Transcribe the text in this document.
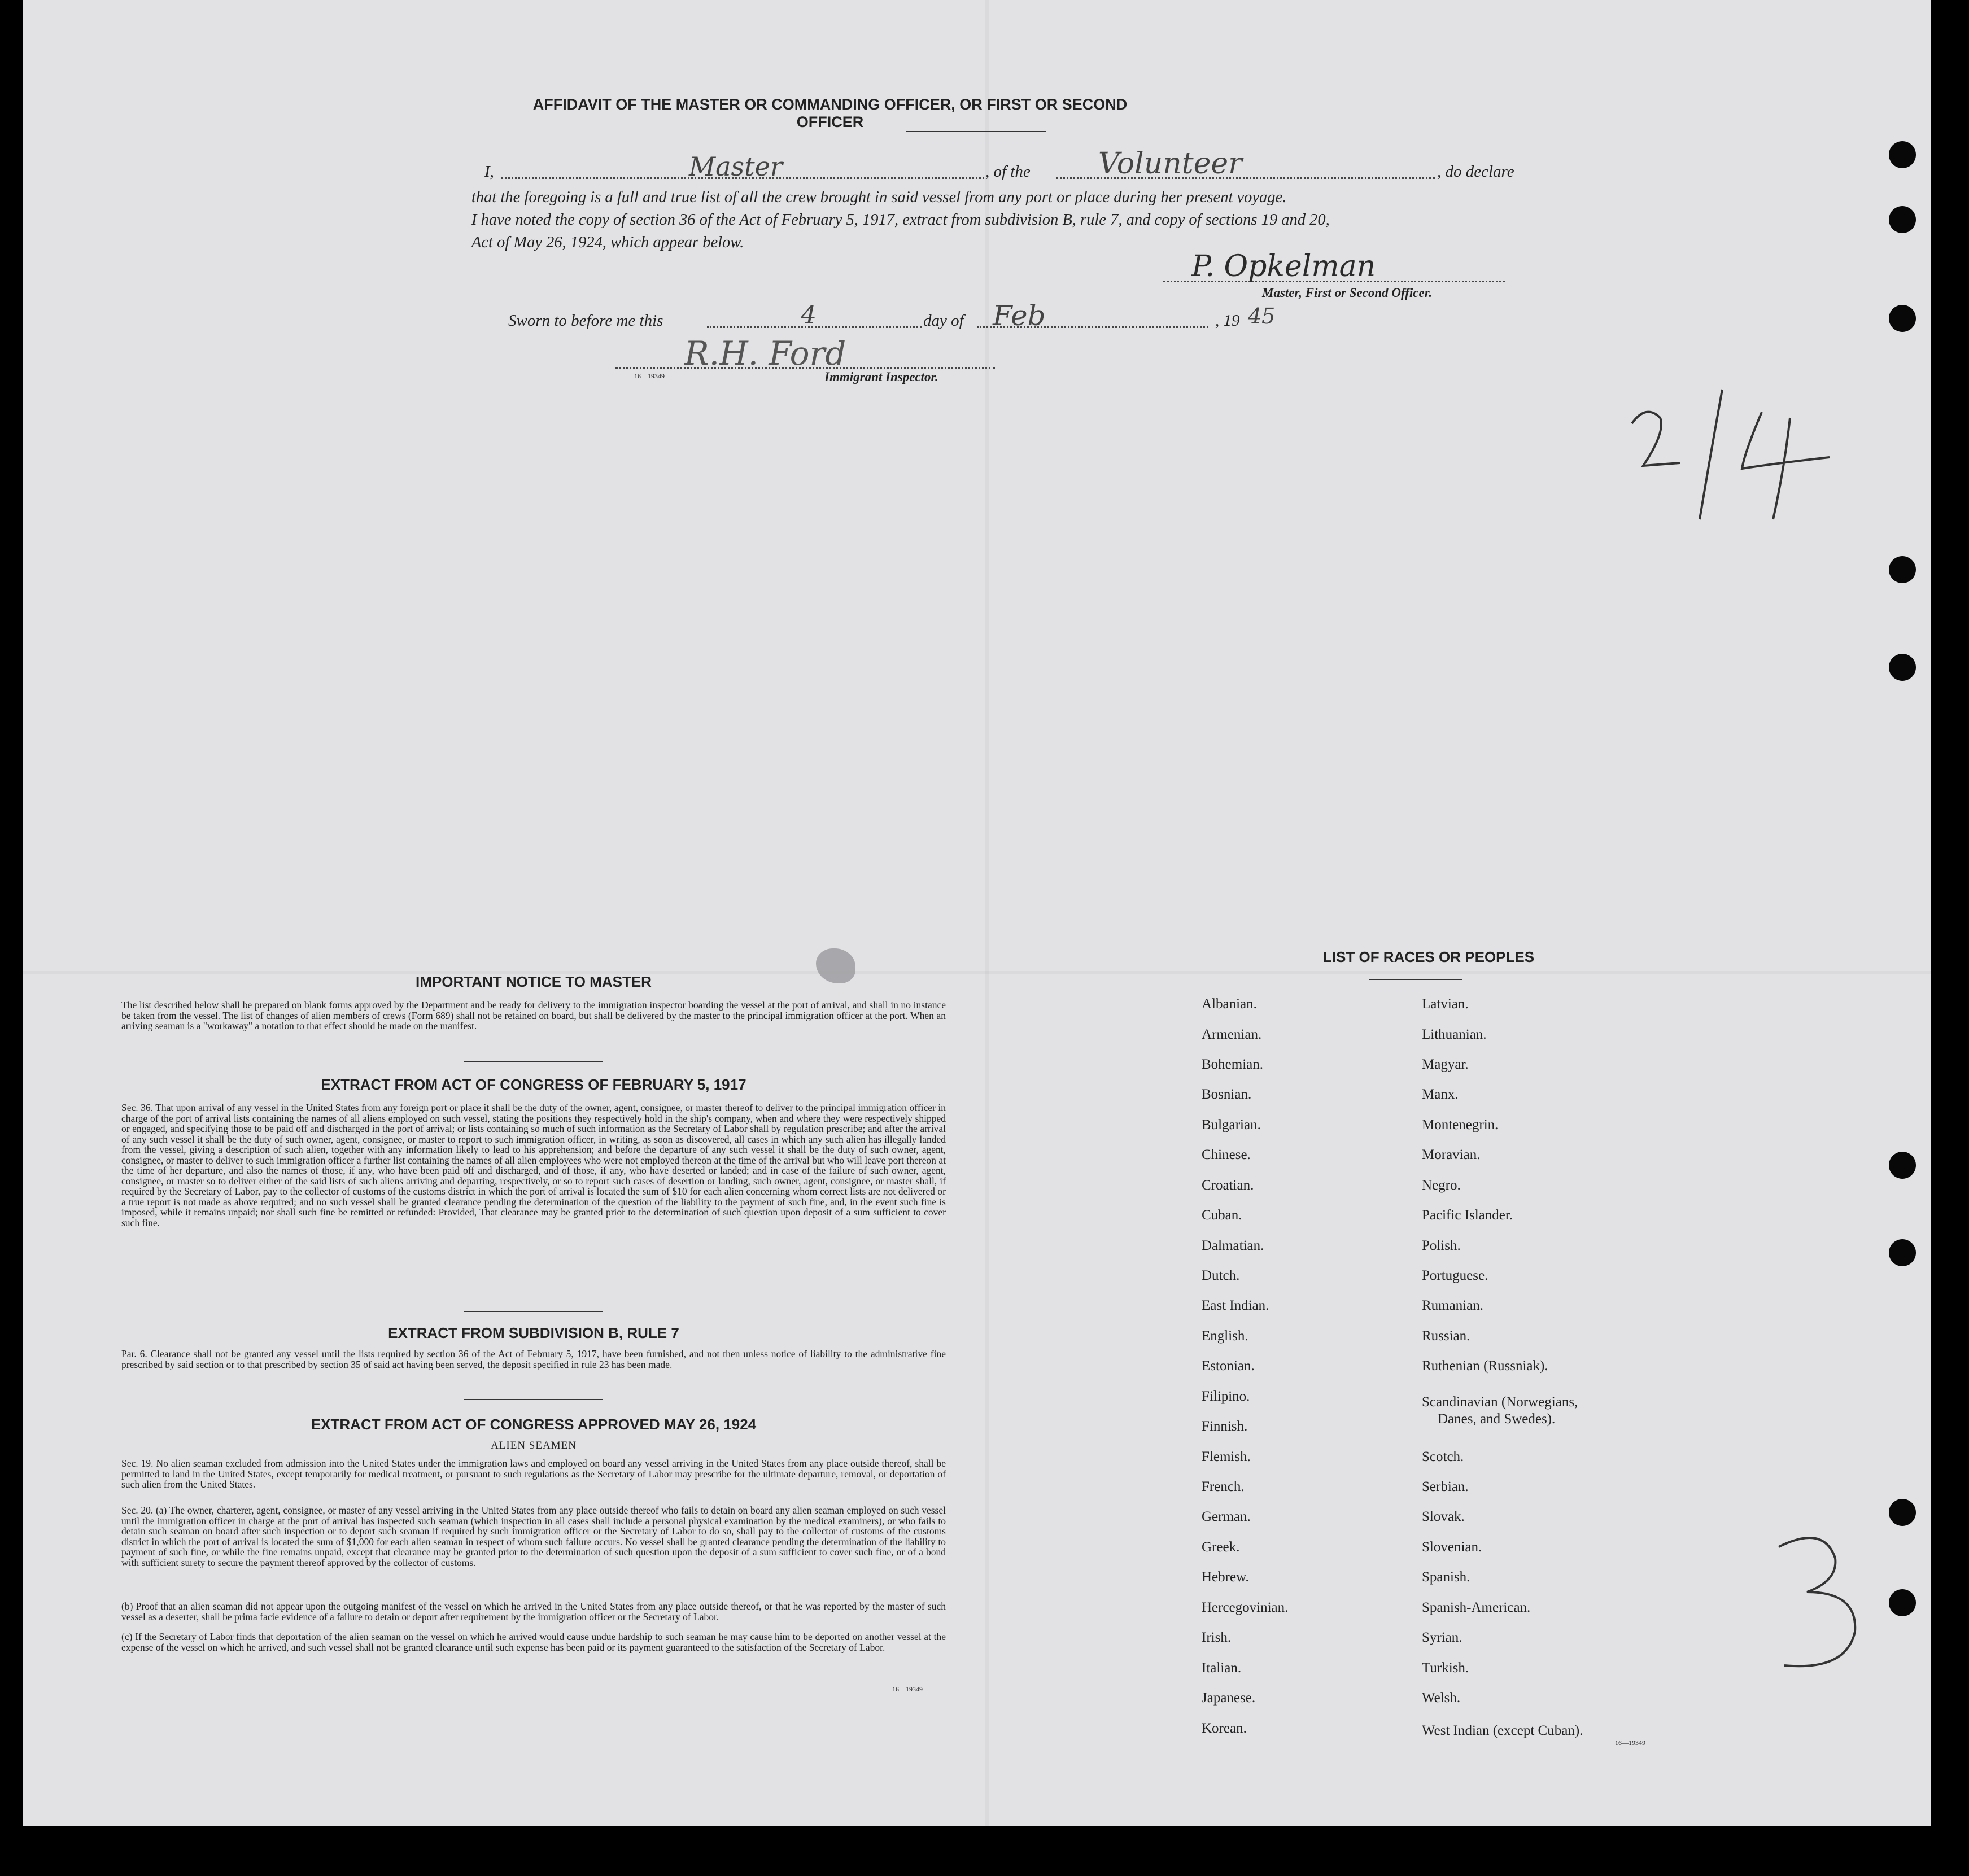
AFFIDAVIT OF THE MASTER OR COMMANDING OFFICER, OR FIRST OR SECOND OFFICER
I,	Master	, of the Volunteer	, do declare
that the foregoing is a full and true list of all the crew brought in said vessel from any port or place during her present voyage.
I have noted the copy of section 36 of the Act of February 5, 1917, extract from subdivision B, rule 7, and copy of sections 19 and 20,
Act of May 26, 1924, which appear below.
P. Opkelman
Master, First or Second Officer.
Sworn to before me this	4	day of Feb	, 19 45
R.H. Ford
16—19349	Immigrant Inspector.
IMPORTANT NOTICE TO MASTER
The list described below shall be prepared on blank forms approved by the Department and be ready for delivery to the immigration inspector boarding the vessel at the port of arrival, and shall in no instance be taken from the vessel. The list of changes of alien members of crews (Form 689) shall not be retained on board, but shall be delivered by the master to the principal immigration officer at the port. When an arriving seaman is a "workaway" a notation to that effect should be made on the manifest.
EXTRACT FROM ACT OF CONGRESS OF FEBRUARY 5, 1917
Sec. 36. That upon arrival of any vessel in the United States from any foreign port or place it shall be the duty of the owner, agent, consignee, or master thereof to deliver to the principal immigration officer in charge of the port of arrival lists containing the names of all aliens employed on such vessel, stating the positions they respectively hold in the ship's company, when and where they were respectively shipped or engaged, and specifying those to be paid off and discharged in the port of arrival; or lists containing so much of such information as the Secretary of Labor shall by regulation prescribe; and after the arrival of any such vessel it shall be the duty of such owner, agent, consignee, or master to report to such immigration officer, in writing, as soon as discovered, all cases in which any such alien has illegally landed from the vessel, giving a description of such alien, together with any information likely to lead to his apprehension; and before the departure of any such vessel it shall be the duty of such owner, agent, consignee, or master to deliver to such immigration officer a further list containing the names of all alien employees who were not employed thereon at the time of the arrival but who will leave port thereon at the time of her departure, and also the names of those, if any, who have been paid off and discharged, and of those, if any, who have deserted or landed; and in case of the failure of such owner, agent, consignee, or master so to deliver either of the said lists of such aliens arriving and departing, respectively, or so to report such cases of desertion or landing, such owner, agent, consignee, or master shall, if required by the Secretary of Labor, pay to the collector of customs of the customs district in which the port of arrival is located the sum of $10 for each alien concerning whom correct lists are not delivered or a true report is not made as above required; and no such vessel shall be granted clearance pending the determination of the question of the liability to the payment of such fine, and, in the event such fine is imposed, while it remains unpaid; nor shall such fine be remitted or refunded: Provided, That clearance may be granted prior to the determination of such question upon deposit of a sum sufficient to cover such fine.
EXTRACT FROM SUBDIVISION B, RULE 7
Par. 6. Clearance shall not be granted any vessel until the lists required by section 36 of the Act of February 5, 1917, have been furnished, and not then unless notice of liability to the administrative fine prescribed by said section or to that prescribed by section 35 of said act having been served, the deposit specified in rule 23 has been made.
EXTRACT FROM ACT OF CONGRESS APPROVED MAY 26, 1924
ALIEN SEAMEN
Sec. 19. No alien seaman excluded from admission into the United States under the immigration laws and employed on board any vessel arriving in the United States from any place outside thereof, shall be permitted to land in the United States, except temporarily for medical treatment, or pursuant to such regulations as the Secretary of Labor may prescribe for the ultimate departure, removal, or deportation of such alien from the United States.
Sec. 20. (a) The owner, charterer, agent, consignee, or master of any vessel arriving in the United States from any place outside thereof who fails to detain on board any alien seaman employed on such vessel until the immigration officer in charge at the port of arrival has inspected such seaman (which inspection in all cases shall include a personal physical examination by the medical examiners), or who fails to detain such seaman on board after such inspection or to deport such seaman if required by such immigration officer or the Secretary of Labor to do so, shall pay to the collector of customs of the customs district in which the port of arrival is located the sum of $1,000 for each alien seaman in respect of whom such failure occurs. No vessel shall be granted clearance pending the determination of the liability to payment of such fine, or while the fine remains unpaid, except that clearance may be granted prior to the determination of such question upon the deposit of a sum sufficient to cover such fine, or of a bond with sufficient surety to secure the payment thereof approved by the collector of customs.
(b) Proof that an alien seaman did not appear upon the outgoing manifest of the vessel on which he arrived in the United States from any place outside thereof, or that he was reported by the master of such vessel as a deserter, shall be prima facie evidence of a failure to detain or deport after requirement by the immigration officer or the Secretary of Labor.
(c) If the Secretary of Labor finds that deportation of the alien seaman on the vessel on which he arrived would cause undue hardship to such seaman he may cause him to be deported on another vessel at the expense of the vessel on which he arrived, and such vessel shall not be granted clearance until such expense has been paid or its payment guaranteed to the satisfaction of the Secretary of Labor.
16—19349
LIST OF RACES OR PEOPLES
Albanian.
Armenian.
Bohemian.
Bosnian.
Bulgarian.
Chinese.
Croatian.
Cuban.
Dalmatian.
Dutch.
East Indian.
English.
Estonian.
Filipino.
Finnish.
Flemish.
French.
German.
Greek.
Hebrew.
Hercegovinian.
Irish.
Italian.
Japanese.
Korean.
Latvian.
Lithuanian.
Magyar.
Manx.
Montenegrin.
Moravian.
Negro.
Pacific Islander.
Polish.
Portuguese.
Rumanian.
Russian.
Ruthenian (Russniak).
Scandinavian (Norwegians,
Danes, and Swedes).
Scotch.
Serbian.
Slovak.
Slovenian.
Spanish.
Spanish-American.
Syrian.
Turkish.
Welsh.
West Indian (except Cuban).
16—19349
